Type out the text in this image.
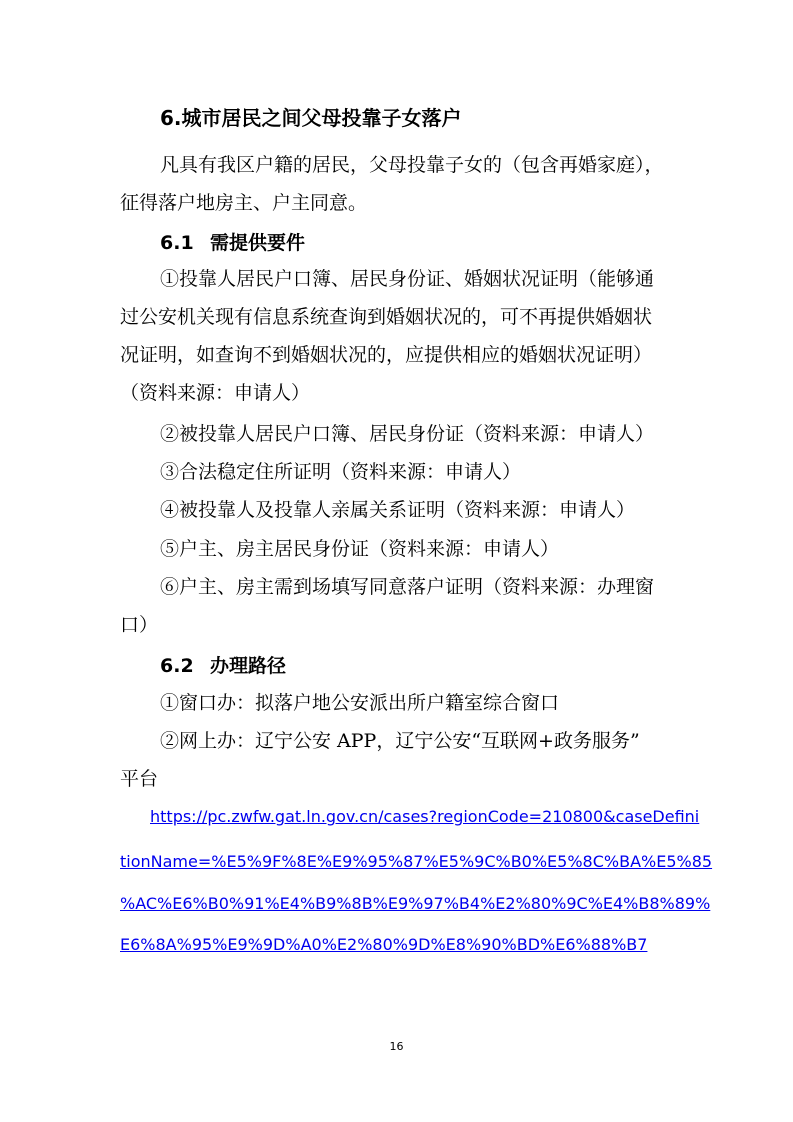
6.城市居民之间父母投靠子女落户
凡具有我区户籍的居民，父母投靠子女的（包含再婚家庭），
征得落户地房主、户主同意。
6.1 需提供要件
①投靠人居民户口簿、居民身份证、婚姻状况证明（能够通
过公安机关现有信息系统查询到婚姻状况的，可不再提供婚姻状
况证明，如查询不到婚姻状况的，应提供相应的婚姻状况证明）
（资料来源：申请人）
②被投靠人居民户口簿、居民身份证（资料来源：申请人）
③合法稳定住所证明（资料来源：申请人）
④被投靠人及投靠人亲属关系证明（资料来源：申请人）
⑤户主、房主居民身份证（资料来源：申请人）
⑥户主、房主需到场填写同意落户证明（资料来源：办理窗
口）
6.2 办理路径
①窗口办：拟落户地公安派出所户籍室综合窗口
②网上办：辽宁公安 APP，辽宁公安“互联网+政务服务”
平台
https://pc.zwfw.gat.ln.gov.cn/cases?regionCode=210800&caseDefini
tionName=%E5%9F%8E%E9%95%87%E5%9C%B0%E5%8C%BA%E5%85
%AC%E6%B0%91%E4%B9%8B%E9%97%B4%E2%80%9C%E4%B8%89%
E6%8A%95%E9%9D%A0%E2%80%9D%E8%90%BD%E6%88%B7
16
